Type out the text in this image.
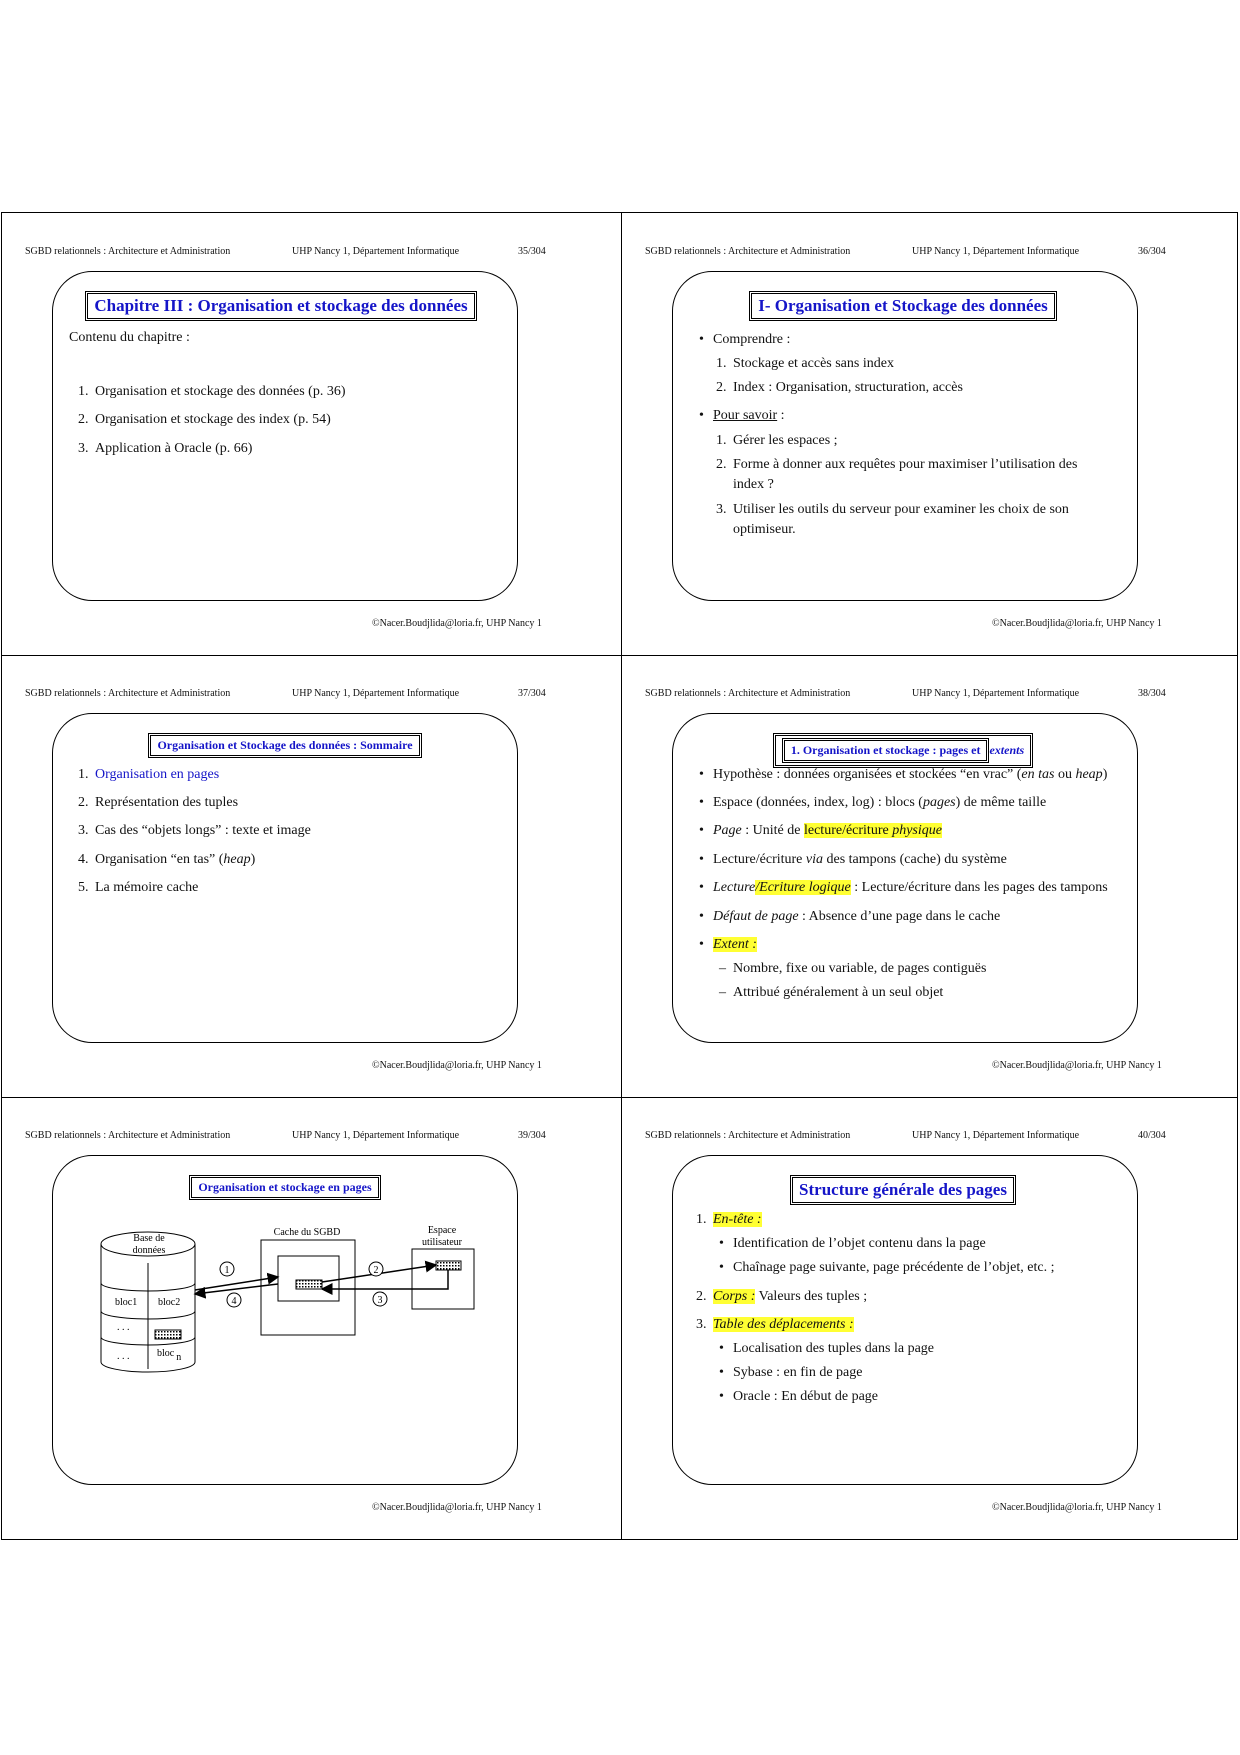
SGBD relationnels : Architecture et Administration	UHP Nancy 1, Département Informatique	35/304
Chapitre III : Organisation et stockage des données
Contenu du chapitre :
1. Organisation et stockage des données (p. 36)
2. Organisation et stockage des index (p. 54)
3. Application à Oracle (p. 66)
©Nacer.Boudjlida@loria.fr, UHP Nancy 1
SGBD relationnels : Architecture et Administration	UHP Nancy 1, Département Informatique	36/304
I- Organisation et Stockage des données
• Comprendre :
1. Stockage et accès sans index
2. Index : Organisation, structuration, accès
• Pour savoir :
1. Gérer les espaces ;
2. Forme à donner aux requêtes pour maximiser l’utilisation des
index ?
3. Utiliser les outils du serveur pour examiner les choix de son
optimiseur.
©Nacer.Boudjlida@loria.fr, UHP Nancy 1
SGBD relationnels : Architecture et Administration	UHP Nancy 1, Département Informatique	37/304
Organisation et Stockage des données : Sommaire
1. Organisation en pages
2. Représentation des tuples
3. Cas des “objets longs” : texte et image
4. Organisation “en tas” (heap)
5. La mémoire cache
©Nacer.Boudjlida@loria.fr, UHP Nancy 1
SGBD relationnels : Architecture et Administration	UHP Nancy 1, Département Informatique	38/304
1. Organisation et stockage : pages etextents
• Hypothèse : données organisées et stockées “en vrac” (en tas ou heap)
• Espace (données, index, log) : blocs (pages) de même taille
• Page : Unité de lecture/écriture physique
• Lecture/écriture via des tampons (cache) du système
• Lecture/Ecriture logique : Lecture/écriture dans les pages des tampons
• Défaut de page : Absence d’une page dans le cache
• Extent :
– Nombre, fixe ou variable, de pages contiguës
– Attribué généralement à un seul objet
©Nacer.Boudjlida@loria.fr, UHP Nancy 1
SGBD relationnels : Architecture et Administration	UHP Nancy 1, Département Informatique	39/304
Organisation et stockage en pages
Base de
données
bloc1 bloc2
. . .
. . .	bloc n
Cache du SGBD	Espace
utilisateur
1	2
3
4
©Nacer.Boudjlida@loria.fr, UHP Nancy 1
SGBD relationnels : Architecture et Administration	UHP Nancy 1, Département Informatique	40/304
Structure générale des pages
1. En-tête :
• Identification de l’objet contenu dans la page
• Chaînage page suivante, page précédente de l’objet, etc. ;
2. Corps : Valeurs des tuples ;
3. Table des déplacements :
• Localisation des tuples dans la page
• Sybase : en fin de page
• Oracle : En début de page
©Nacer.Boudjlida@loria.fr, UHP Nancy 1
